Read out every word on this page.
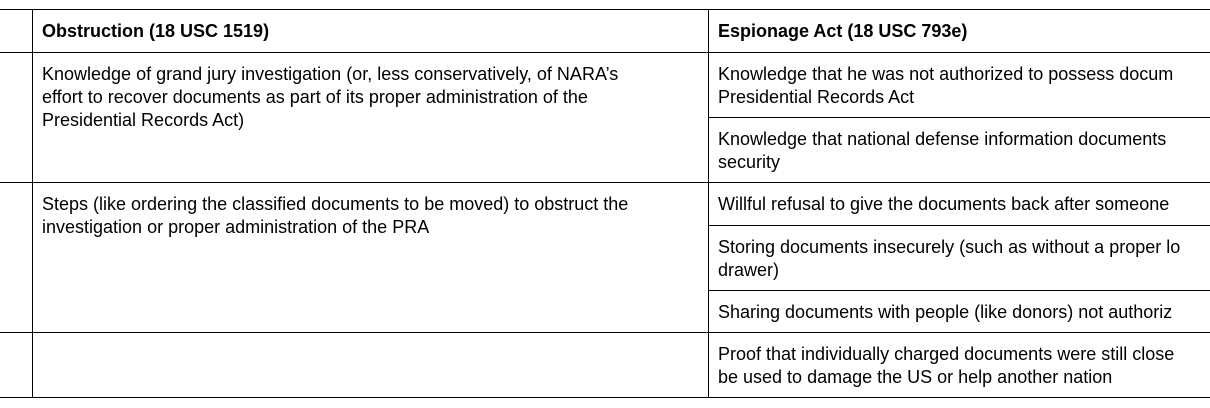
Obstruction (18 USC 1519)	Espionage Act (18 USC 793e)
Knowledge of grand jury investigation (or, less conservatively, of NARA’s
effort to recover documents as part of its proper administration of the
Presidential Records Act)
Knowledge that he was not authorized to possess docum
Presidential Records Act
Knowledge that national defense information documents
security
Steps (like ordering the classified documents to be moved) to obstruct the
investigation or proper administration of the PRA
Willful refusal to give the documents back after someone
Storing documents insecurely (such as without a proper lo
drawer)
Sharing documents with people (like donors) not authoriz
Proof that individually charged documents were still close
be used to damage the US or help another nation
